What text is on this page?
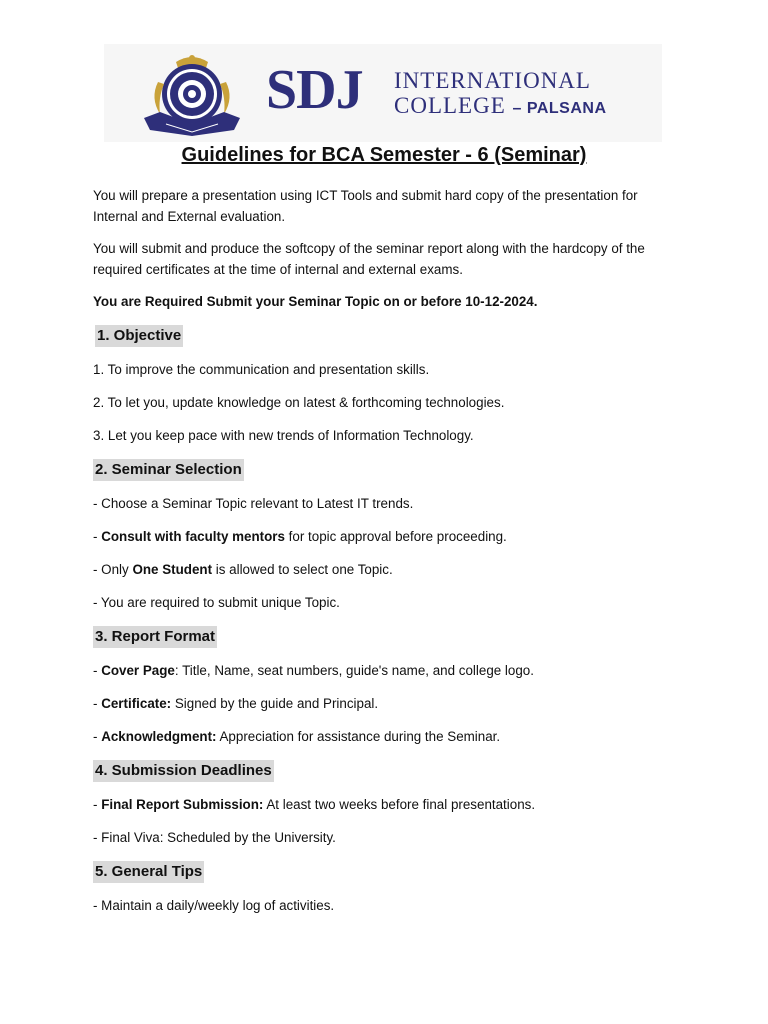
SDJ INTERNATIONAL
COLLEGE – PALSANA
Guidelines for BCA Semester - 6 (Seminar)

You will prepare a presentation using ICT Tools and submit hard copy of the presentation for Internal and External evaluation.

You will submit and produce the softcopy of the seminar report along with the hardcopy of the required certificates at the time of internal and external exams.

You are Required Submit your Seminar Topic on or before 10-12-2024.

1. Objective
1. To improve the communication and presentation skills.
2. To let you, update knowledge on latest & forthcoming technologies.
3. Let you keep pace with new trends of Information Technology.
2. Seminar Selection
- Choose a Seminar Topic relevant to Latest IT trends.
- Consult with faculty mentors for topic approval before proceeding.
- Only One Student is allowed to select one Topic.
- You are required to submit unique Topic.
3. Report Format
- Cover Page: Title, Name, seat numbers, guide's name, and college logo.
- Certificate: Signed by the guide and Principal.
- Acknowledgment: Appreciation for assistance during the Seminar.
4. Submission Deadlines
- Final Report Submission: At least two weeks before final presentations.
- Final Viva: Scheduled by the University.
5. General Tips
- Maintain a daily/weekly log of activities.
